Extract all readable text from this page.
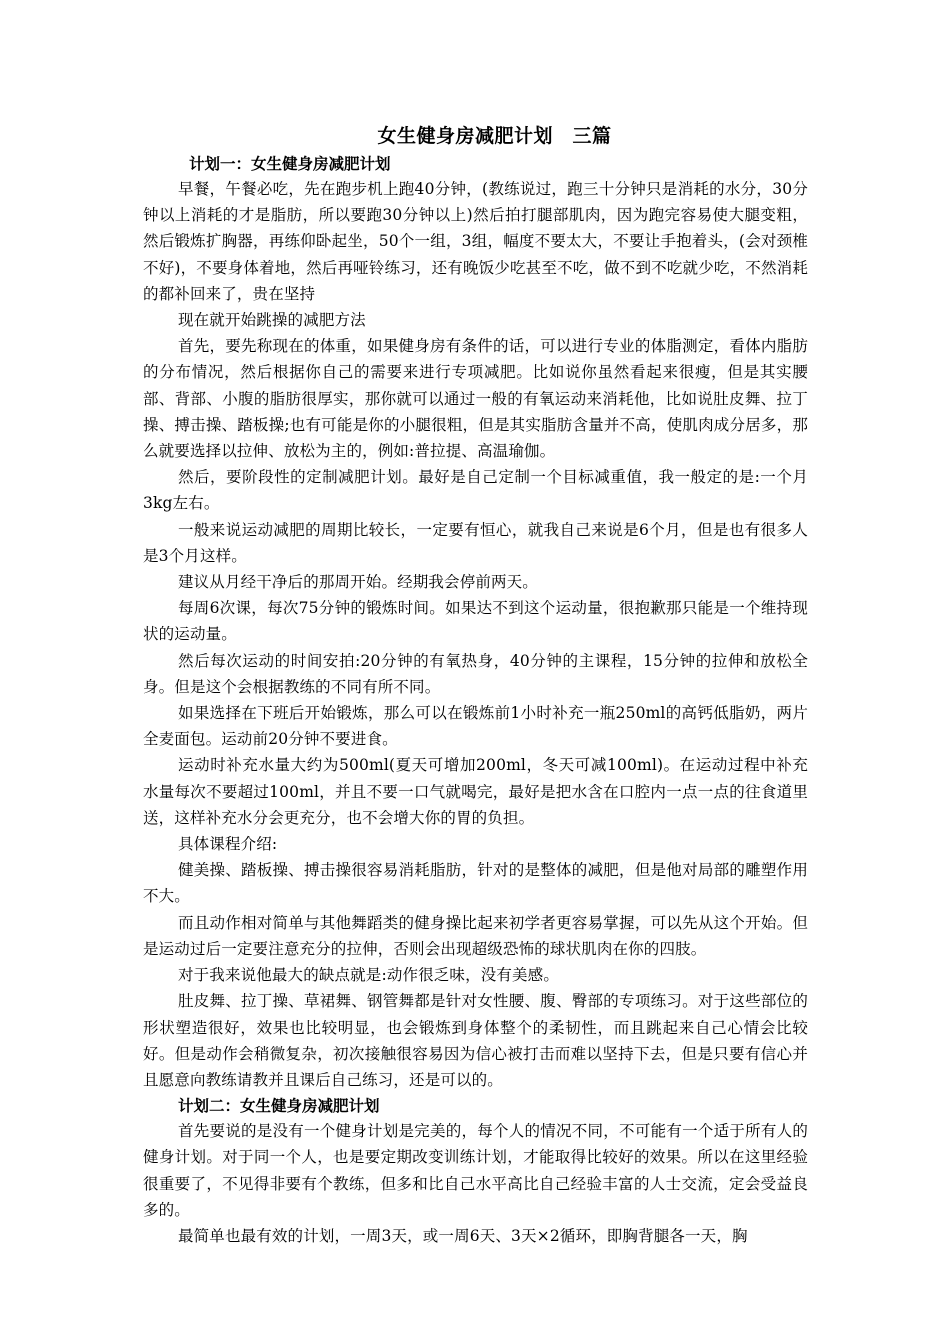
女生健身房减肥计划　三篇
计划一：女生健身房减肥计划

早餐，午餐必吃，先在跑步机上跑40分钟，(教练说过，跑三十分钟只是消耗的水分，30分钟以上消耗的才是脂肪，所以要跑30分钟以上)然后拍打腿部肌肉，因为跑完容易使大腿变粗，然后锻炼扩胸器，再练仰卧起坐，50个一组，3组，幅度不要太大，不要让手抱着头，(会对颈椎不好)，不要身体着地，然后再哑铃练习，还有晚饭少吃甚至不吃，做不到不吃就少吃，不然消耗的都补回来了，贵在坚持

现在就开始跳操的减肥方法

首先，要先称现在的体重，如果健身房有条件的话，可以进行专业的体脂测定，看体内脂肪的分布情况，然后根据你自己的需要来进行专项减肥。比如说你虽然看起来很瘦，但是其实腰部、背部、小腹的脂肪很厚实，那你就可以通过一般的有氧运动来消耗他，比如说肚皮舞、拉丁操、搏击操、踏板操;也有可能是你的小腿很粗，但是其实脂肪含量并不高，使肌肉成分居多，那么就要选择以拉伸、放松为主的，例如:普拉提、高温瑜伽。

然后，要阶段性的定制减肥计划。最好是自己定制一个目标减重值，我一般定的是:一个月3kg左右。

一般来说运动减肥的周期比较长，一定要有恒心，就我自己来说是6个月，但是也有很多人是3个月这样。

建议从月经干净后的那周开始。经期我会停前两天。

每周6次课，每次75分钟的锻炼时间。如果达不到这个运动量，很抱歉那只能是一个维持现状的运动量。

然后每次运动的时间安拍:20分钟的有氧热身，40分钟的主课程，15分钟的拉伸和放松全身。但是这个会根据教练的不同有所不同。

如果选择在下班后开始锻炼，那么可以在锻炼前1小时补充一瓶250ml的高钙低脂奶，两片全麦面包。运动前20分钟不要进食。

运动时补充水量大约为500ml(夏天可增加200ml，冬天可减100ml)。在运动过程中补充水量每次不要超过100ml，并且不要一口气就喝完，最好是把水含在口腔内一点一点的往食道里送，这样补充水分会更充分，也不会增大你的胃的负担。

具体课程介绍:

健美操、踏板操、搏击操很容易消耗脂肪，针对的是整体的减肥，但是他对局部的雕塑作用不大。

而且动作相对简单与其他舞蹈类的健身操比起来初学者更容易掌握，可以先从这个开始。但是运动过后一定要注意充分的拉伸，否则会出现超级恐怖的球状肌肉在你的四肢。

对于我来说他最大的缺点就是:动作很乏味，没有美感。

肚皮舞、拉丁操、草裙舞、钢管舞都是针对女性腰、腹、臀部的专项练习。对于这些部位的形状塑造很好，效果也比较明显，也会锻炼到身体整个的柔韧性，而且跳起来自己心情会比较好。但是动作会稍微复杂，初次接触很容易因为信心被打击而难以坚持下去，但是只要有信心并且愿意向教练请教并且课后自己练习，还是可以的。

计划二：女生健身房减肥计划

首先要说的是没有一个健身计划是完美的，每个人的情况不同，不可能有一个适于所有人的健身计划。对于同一个人，也是要定期改变训练计划，才能取得比较好的效果。所以在这里经验很重要了，不见得非要有个教练，但多和比自己水平高比自己经验丰富的人士交流，定会受益良多的。

最简单也最有效的计划，一周3天，或一周6天、3天×2循环，即胸背腿各一天，胸
